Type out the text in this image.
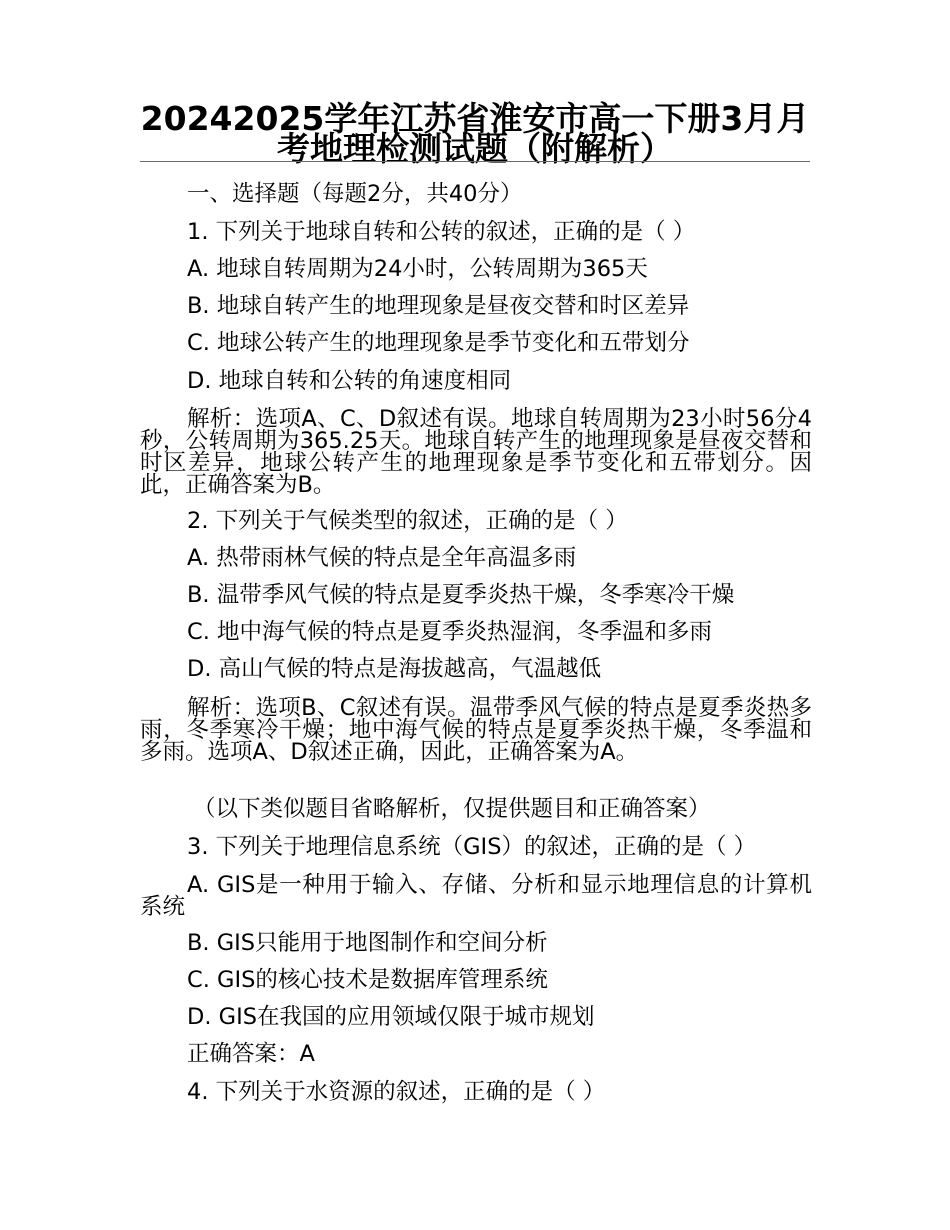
20242025学年江苏省淮安市高一下册3月月考地理检测试题（附解析）
一、选择题（每题2分，共40分）
1. 下列关于地球自转和公转的叙述，正确的是（ ）
A. 地球自转周期为24小时，公转周期为365天
B. 地球自转产生的地理现象是昼夜交替和时区差异
C. 地球公转产生的地理现象是季节变化和五带划分
D. 地球自转和公转的角速度相同
解析：选项A、C、D叙述有误。地球自转周期为23小时56分4秒，公转周期为365.25天。地球自转产生的地理现象是昼夜交替和时区差异，地球公转产生的地理现象是季节变化和五带划分。因此，正确答案为B。
2. 下列关于气候类型的叙述，正确的是（ ）
A. 热带雨林气候的特点是全年高温多雨
B. 温带季风气候的特点是夏季炎热干燥，冬季寒冷干燥
C. 地中海气候的特点是夏季炎热湿润，冬季温和多雨
D. 高山气候的特点是海拔越高，气温越低
解析：选项B、C叙述有误。温带季风气候的特点是夏季炎热多雨，冬季寒冷干燥；地中海气候的特点是夏季炎热干燥，冬季温和多雨。选项A、D叙述正确，因此，正确答案为A。
（以下类似题目省略解析，仅提供题目和正确答案）
3. 下列关于地理信息系统（GIS）的叙述，正确的是（ ）
A. GIS是一种用于输入、存储、分析和显示地理信息的计算机系统
B. GIS只能用于地图制作和空间分析
C. GIS的核心技术是数据库管理系统
D. GIS在我国的应用领域仅限于城市规划
正确答案：A
4. 下列关于水资源的叙述，正确的是（ ）
